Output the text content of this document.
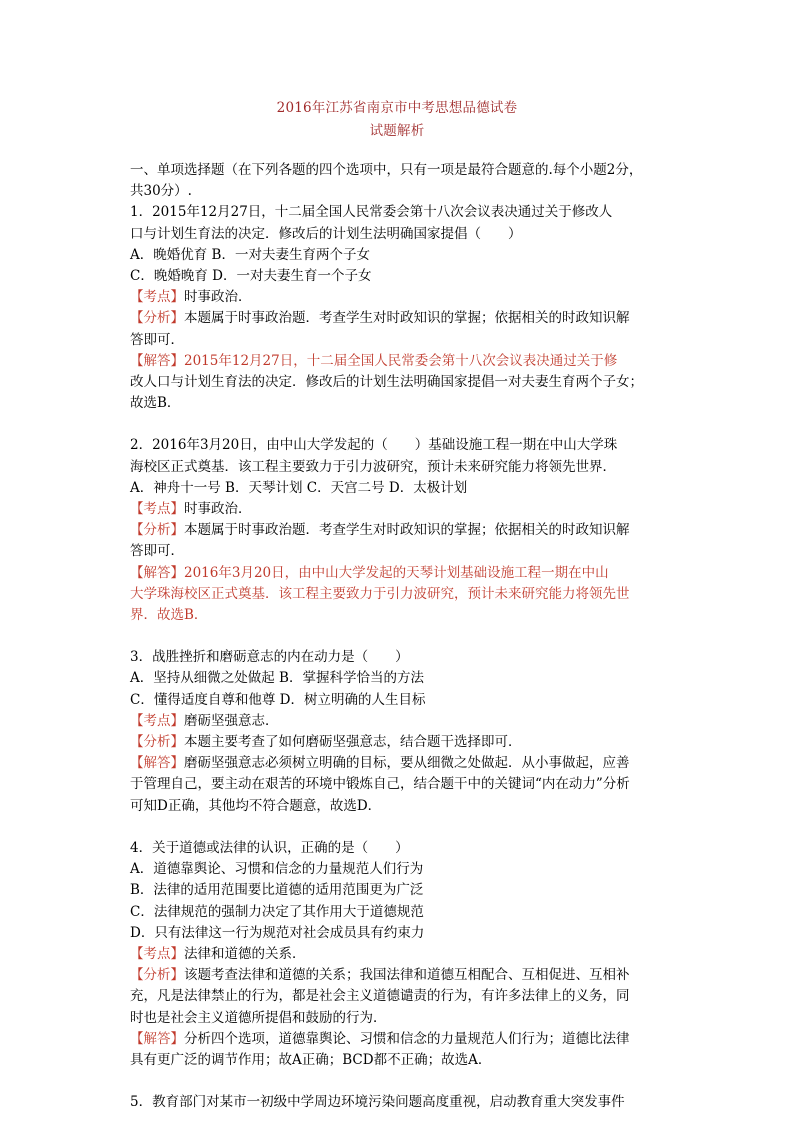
2016年江苏省南京市中考思想品德试卷
试题解析
一、单项选择题（在下列各题的四个选项中，只有一项是最符合题意的.每个小题2分，
共30分）.
1．2015年12月27日，十二届全国人民常委会第十八次会议表决通过关于修改人
口与计划生育法的决定．修改后的计划生法明确国家提倡（　　）
A．晚婚优育 B．一对夫妻生育两个子女
C．晚婚晚育 D．一对夫妻生育一个子女
【考点】时事政治．
【分析】本题属于时事政治题．考查学生对时政知识的掌握；依据相关的时政知识解
答即可．
【解答】2015年12月27日，十二届全国人民常委会第十八次会议表决通过关于修
改人口与计划生育法的决定．修改后的计划生法明确国家提倡一对夫妻生育两个子女；
故选B．
2．2016年3月20日，由中山大学发起的（　　）基础设施工程一期在中山大学珠
海校区正式奠基．该工程主要致力于引力波研究，预计未来研究能力将领先世界．
A．神舟十一号 B．天琴计划 C．天宫二号 D．太极计划
【考点】时事政治．
【分析】本题属于时事政治题．考查学生对时政知识的掌握；依据相关的时政知识解
答即可．
【解答】2016年3月20日，由中山大学发起的天琴计划基础设施工程一期在中山
大学珠海校区正式奠基．该工程主要致力于引力波研究，预计未来研究能力将领先世
界．故选B．
3．战胜挫折和磨砺意志的内在动力是（　　）
A．坚持从细微之处做起 B．掌握科学恰当的方法
C．懂得适度自尊和他尊 D．树立明确的人生目标
【考点】磨砺坚强意志．
【分析】本题主要考查了如何磨砺坚强意志，结合题干选择即可．
【解答】磨砺坚强意志必须树立明确的目标，要从细微之处做起．从小事做起，应善
于管理自己，要主动在艰苦的环境中锻炼自己，结合题干中的关键词“内在动力”分析
可知D正确，其他均不符合题意，故选D．
4．关于道德或法律的认识，正确的是（　　）
A．道德靠舆论、习惯和信念的力量规范人们行为
B．法律的适用范围要比道德的适用范围更为广泛
C．法律规范的强制力决定了其作用大于道德规范
D．只有法律这一行为规范对社会成员具有约束力
【考点】法律和道德的关系．
【分析】该题考查法律和道德的关系；我国法律和道德互相配合、互相促进、互相补
充，凡是法律禁止的行为，都是社会主义道德谴责的行为，有许多法律上的义务，同
时也是社会主义道德所提倡和鼓励的行为．
【解答】分析四个选项，道德靠舆论、习惯和信念的力量规范人们行为；道德比法律
具有更广泛的调节作用；故A正确；BCD都不正确；故选A．
5．教育部门对某市一初级中学周边环境污染问题高度重视，启动教育重大突发事件
